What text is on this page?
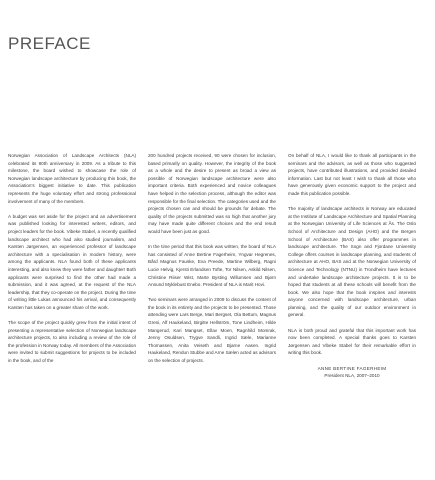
PREFACE

Norwegian Association of Landscape Architects (NLA) celebrated its 80th anniversary in 2009. As a tribute to this milestone, the board wished to showcase the role of Norwegian landscape architecture by producing this book, the Association's biggest initiative to date. This publication represents the huge voluntary effort and strong professional involvement of many of the members.

A budget was set aside for the project and an advertisement was published looking for interested writers, editors, and project leaders for the book. Vibeke Stabel, a recently qualified landscape architect who had also studied journalism, and Karsten Jørgensen, an experienced professor of landscape architecture with a specialisation in modern history, were among the applicants. NLA found both of these applicants interesting, and also knew they were father and daughter! Both applicants were surprised to find the other had made a submission, and it was agreed, at the request of the NLA leadership, that they co-operate on the project. During the time of writing little Lukas announced his arrival, and consequently Karsten has taken on a greater share of the work.

The scope of the project quickly grew from the initial intent of presenting a representative selection of Norwegian landscape architecture projects, to also including a review of the role of the profession in Norway today. All members of the Association were invited to submit suggestions for projects to be included in the book, and of the

200 hundred projects received, 90 were chosen for inclusion, based primarily on quality. However, the integrity of the book as a whole and the desire to present as broad a view as possible of Norwegian landscape architecture were also important criteria. Both experienced and novice colleagues have helped in the selection process, although the editor was responsible for the final selection. The categories used and the projects chosen can and should be grounds for debate. The quality of the projects submitted was so high that another jury may have made quite different choices and the end result would have been just as good.

In the time period that this book was written, the board of NLA has consisted of Anne Bertine Fagerheim, Yngvar Hegrenes, Bård Magnus Fauske, Eva Preede, Martine Wilberg, Ragni Lucie Helvig, Kjersti Erlandsen Tofte, Tor Nilsen, Askild Nilsen, Christine Riiser Wist, Marte Bysting Willumsen and Bjørn Annund Myklebust Enebo. President of NLA is Marit Hovi.

Two seminars were arranged in 2009 to discuss the content of the book in its entirety and the projects to be presented. Those attending were Lars Berge, Mari Bergset, Ola Bettum, Magnus Greni, Alf Haukeland, Birgitte Hellström, Tone Lindheim, Hilde Mangerud, Kari Mangset, Ellav Moen, Ragnhild Momrak, Jenny Osuldsen, Trygve Sandli, Ingrid Sæle, Marianne Thomassen, Anita Veiseth and Bjarne Aasen. Ingrid Haukeland, Rendun Stubbe and Arne Sælen acted as advisors on the selection of projects.

On behalf of NLA, I would like to thank all participants in the seminars and the advisors, as well as those who suggested projects, have contributed illustrations, and provided detailed information. Last but not least I wish to thank all those who have generously given economic support to the project and made this publication possible.

The majority of landscape architects in Norway are educated at the Institute of Landscape Architecture and Spatial Planning at the Norwegian University of Life Sciences at Ås. The Oslo School of Architecture and Design (AHO) and the Bergen School of Architecture (BAS) also offer programmes in landscape architecture. The Sogn and Fjordane University College offers courses in landscape planning, and students of architecture at AHO, BAS and at the Norwegian University of Science and Technology (NTNU) in Trondheim have lectures and undertake landscape architecture projects. It is to be hoped that students at all these schools will benefit from the book. We also hope that the book inspires and interests anyone concerned with landscape architecture, urban planning, and the quality of our outdoor environment in general.

NLA is both proud and grateful that this important work has now been completed. A special thanks goes to Karsten Jørgensen and Vibeke Stabel for their remarkable effort in writing this book.

ANNE BERTINE FAGERHEIM
President NLA, 2007–2010
